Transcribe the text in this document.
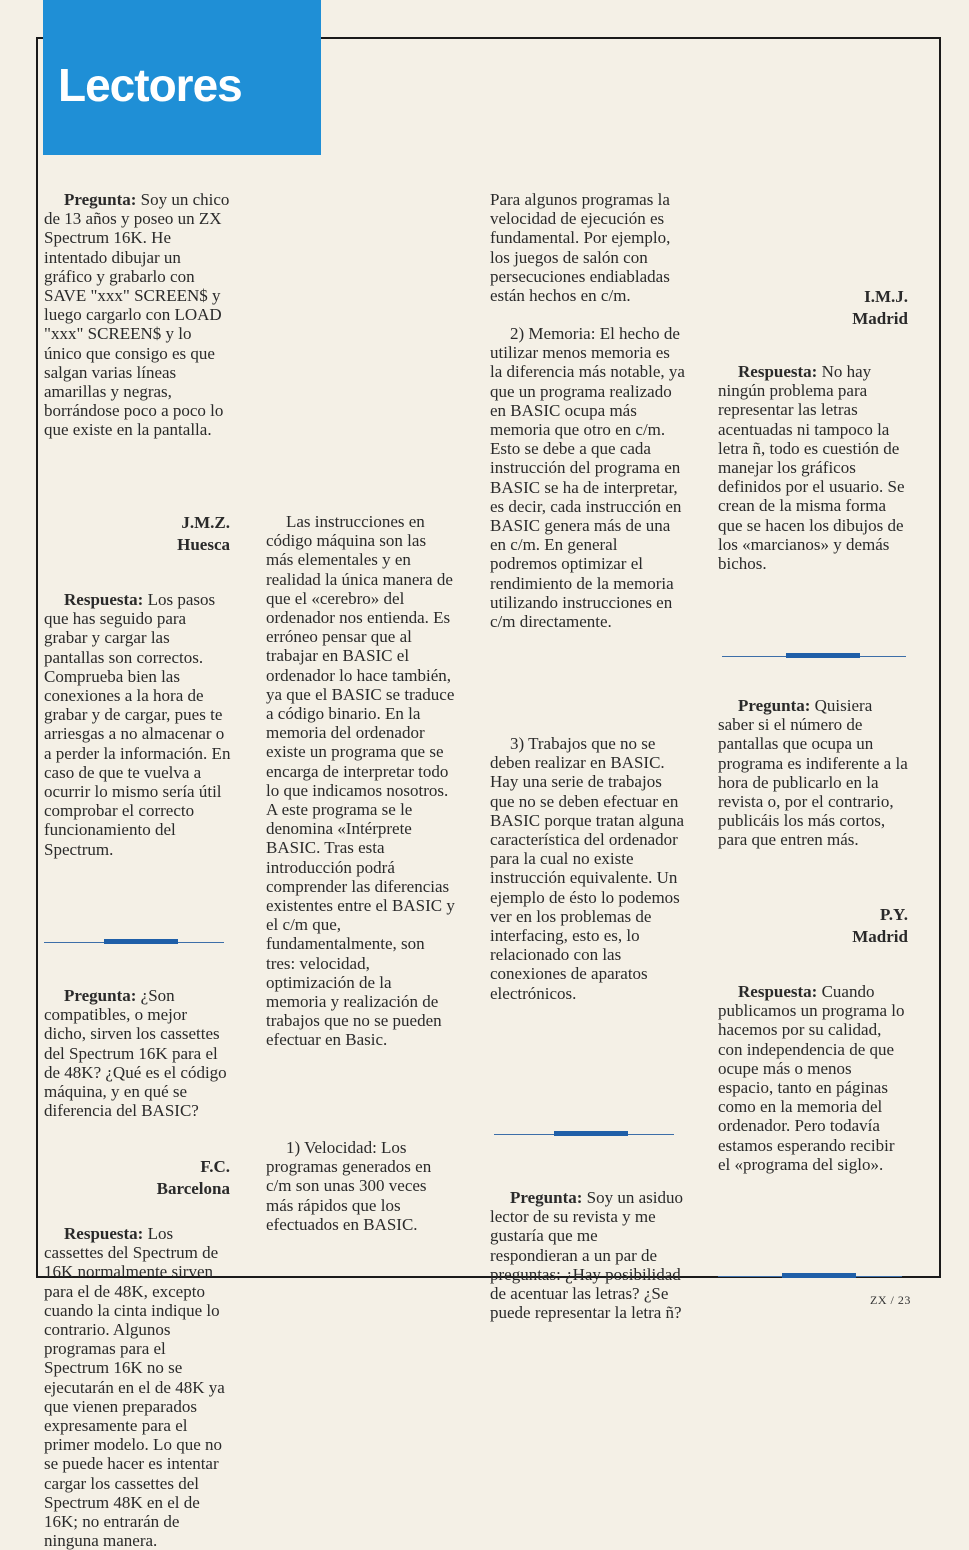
Lectores

Pregunta: Soy un chico de 13 años y poseo un ZX Spectrum 16K. He intentado dibujar un gráfico y grabarlo con SAVE "xxx" SCREEN$ y luego cargarlo con LOAD "xxx" SCREEN$ y lo único que consigo es que salgan varias líneas amarillas y negras, borrándose poco a poco lo que existe en la pantalla.

J.M.Z.
Huesca

Respuesta: Los pasos que has seguido para grabar y cargar las pantallas son correctos. Comprueba bien las conexiones a la hora de grabar y de cargar, pues te arriesgas a no almacenar o a perder la información. En caso de que te vuelva a ocurrir lo mismo sería útil comprobar el correcto funcionamiento del Spectrum.

Pregunta: ¿Son compatibles, o mejor dicho, sirven los cassettes del Spectrum 16K para el de 48K? ¿Qué es el código máquina, y en qué se diferencia del BASIC?

F.C.
Barcelona

Respuesta: Los cassettes del Spectrum de 16K normalmente sirven para el de 48K, excepto cuando la cinta indique lo contrario. Algunos programas para el Spectrum 16K no se ejecutarán en el de 48K ya que vienen preparados expresamente para el primer modelo. Lo que no se puede hacer es intentar cargar los cassettes del Spectrum 48K en el de 16K; no entrarán de ninguna manera.

Las instrucciones en código máquina son las más elementales y en realidad la única manera de que el «cerebro» del ordenador nos entienda. Es erróneo pensar que al trabajar en BASIC el ordenador lo hace también, ya que el BASIC se traduce a código binario. En la memoria del ordenador existe un programa que se encarga de interpretar todo lo que indicamos nosotros. A este programa se le denomina «Intérprete BASIC. Tras esta introducción podrá comprender las diferencias existentes entre el BASIC y el c/m que, fundamentalmente, son tres: velocidad, optimización de la memoria y realización de trabajos que no se pueden efectuar en Basic.

1) Velocidad: Los programas generados en c/m son unas 300 veces más rápidos que los efectuados en BASIC.

Para algunos programas la velocidad de ejecución es fundamental. Por ejemplo, los juegos de salón con persecuciones endiabladas están hechos en c/m.

2) Memoria: El hecho de utilizar menos memoria es la diferencia más notable, ya que un programa realizado en BASIC ocupa más memoria que otro en c/m. Esto se debe a que cada instrucción del programa en BASIC se ha de interpretar, es decir, cada instrucción en BASIC genera más de una en c/m. En general podremos optimizar el rendimiento de la memoria utilizando instrucciones en c/m directamente.

3) Trabajos que no se deben realizar en BASIC. Hay una serie de trabajos que no se deben efectuar en BASIC porque tratan alguna característica del ordenador para la cual no existe instrucción equivalente. Un ejemplo de ésto lo podemos ver en los problemas de interfacing, esto es, lo relacionado con las conexiones de aparatos electrónicos.

Pregunta: Soy un asiduo lector de su revista y me gustaría que me respondieran a un par de preguntas: ¿Hay posibilidad de acentuar las letras? ¿Se puede representar la letra ñ?

I.M.J.
Madrid

Respuesta: No hay ningún problema para representar las letras acentuadas ni tampoco la letra ñ, todo es cuestión de manejar los gráficos definidos por el usuario. Se crean de la misma forma que se hacen los dibujos de los «marcianos» y demás bichos.

Pregunta: Quisiera saber si el número de pantallas que ocupa un programa es indiferente a la hora de publicarlo en la revista o, por el contrario, publicáis los más cortos, para que entren más.

P.Y.
Madrid

Respuesta: Cuando publicamos un programa lo hacemos por su calidad, con independencia de que ocupe más o menos espacio, tanto en páginas como en la memoria del ordenador. Pero todavía estamos esperando recibir el «programa del siglo».

ZX / 23
